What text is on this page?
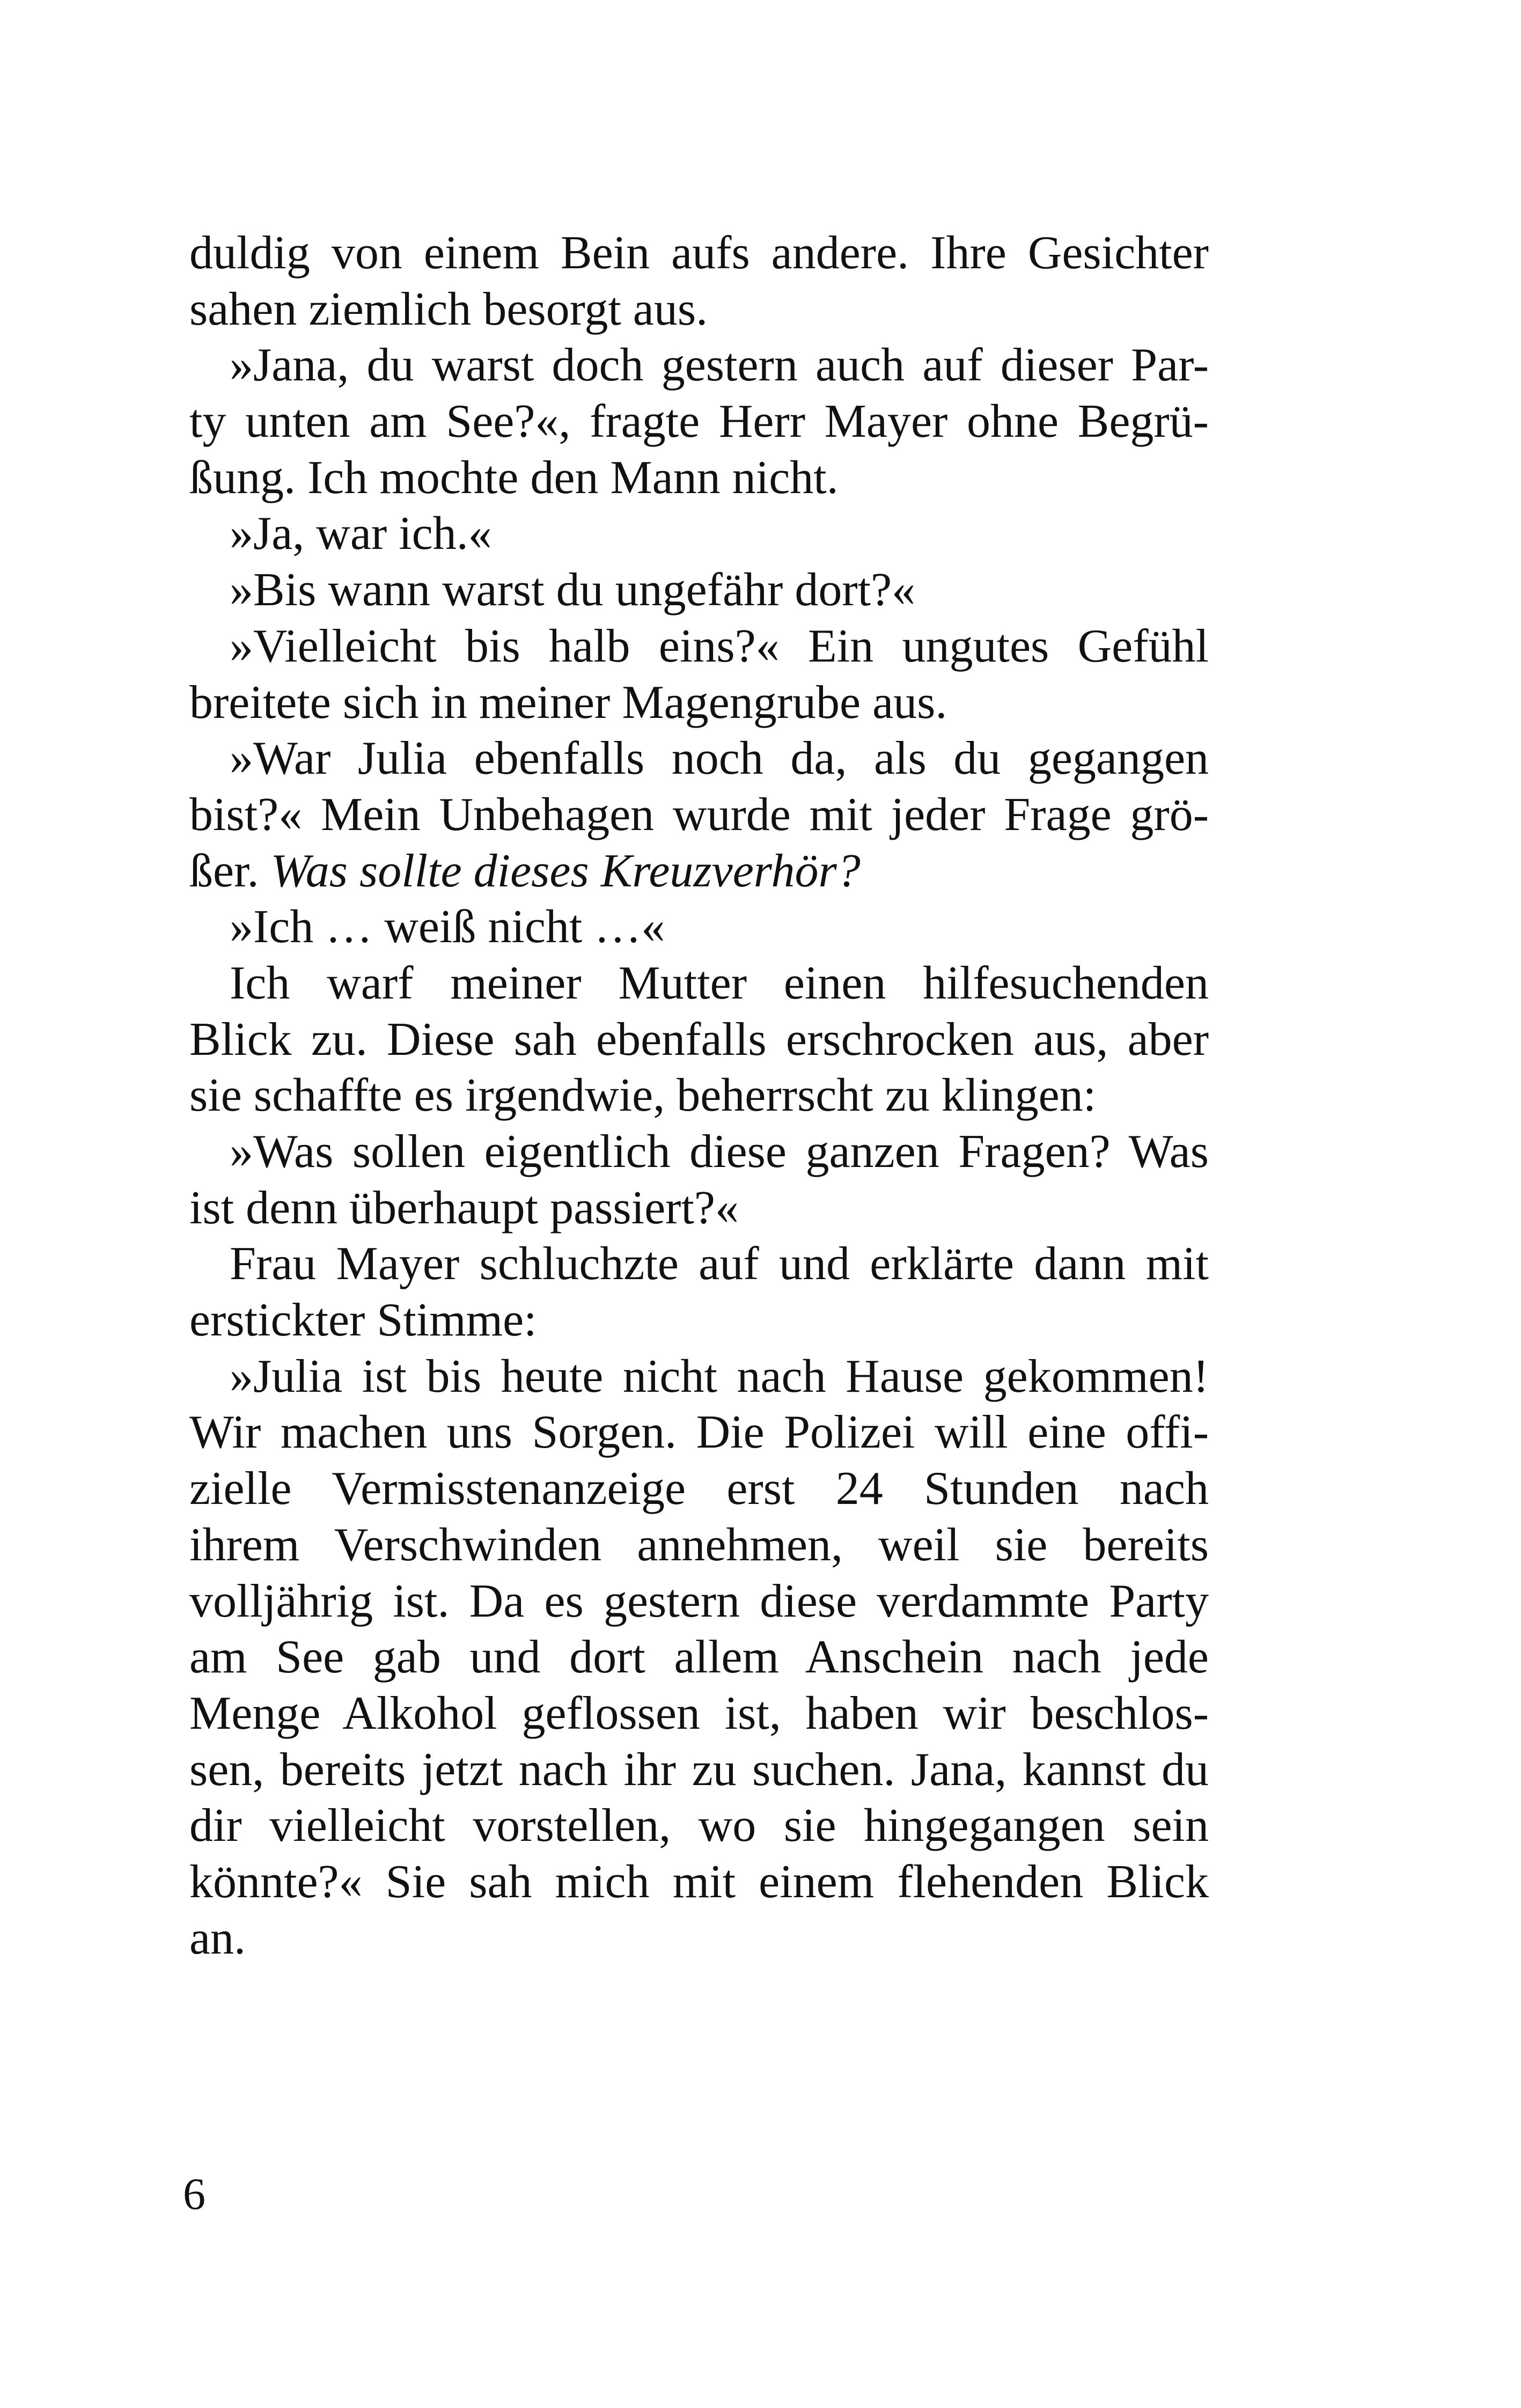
duldig von einem Bein aufs andere. Ihre Gesichter
sahen ziemlich besorgt aus.
»Jana, du warst doch gestern auch auf dieser Par-
ty unten am See?«, fragte Herr Mayer ohne Begrü-
ßung. Ich mochte den Mann nicht.
»Ja, war ich.«
»Bis wann warst du ungefähr dort?«
»Vielleicht bis halb eins?« Ein ungutes Gefühl
breitete sich in meiner Magengrube aus.
»War Julia ebenfalls noch da, als du gegangen
bist?« Mein Unbehagen wurde mit jeder Frage grö-
ßer. Was sollte dieses Kreuzverhör?
»Ich … weiß nicht …«
Ich warf meiner Mutter einen hilfesuchenden
Blick zu. Diese sah ebenfalls erschrocken aus, aber
sie schaffte es irgendwie, beherrscht zu klingen:
»Was sollen eigentlich diese ganzen Fragen? Was
ist denn überhaupt passiert?«
Frau Mayer schluchzte auf und erklärte dann mit
erstickter Stimme:
»Julia ist bis heute nicht nach Hause gekommen!
Wir machen uns Sorgen. Die Polizei will eine offi-
zielle Vermisstenanzeige erst 24 Stunden nach
ihrem Verschwinden annehmen, weil sie bereits
volljährig ist. Da es gestern diese verdammte Party
am See gab und dort allem Anschein nach jede
Menge Alkohol geflossen ist, haben wir beschlos-
sen, bereits jetzt nach ihr zu suchen. Jana, kannst du
dir vielleicht vorstellen, wo sie hingegangen sein
könnte?« Sie sah mich mit einem flehenden Blick
an.
6
